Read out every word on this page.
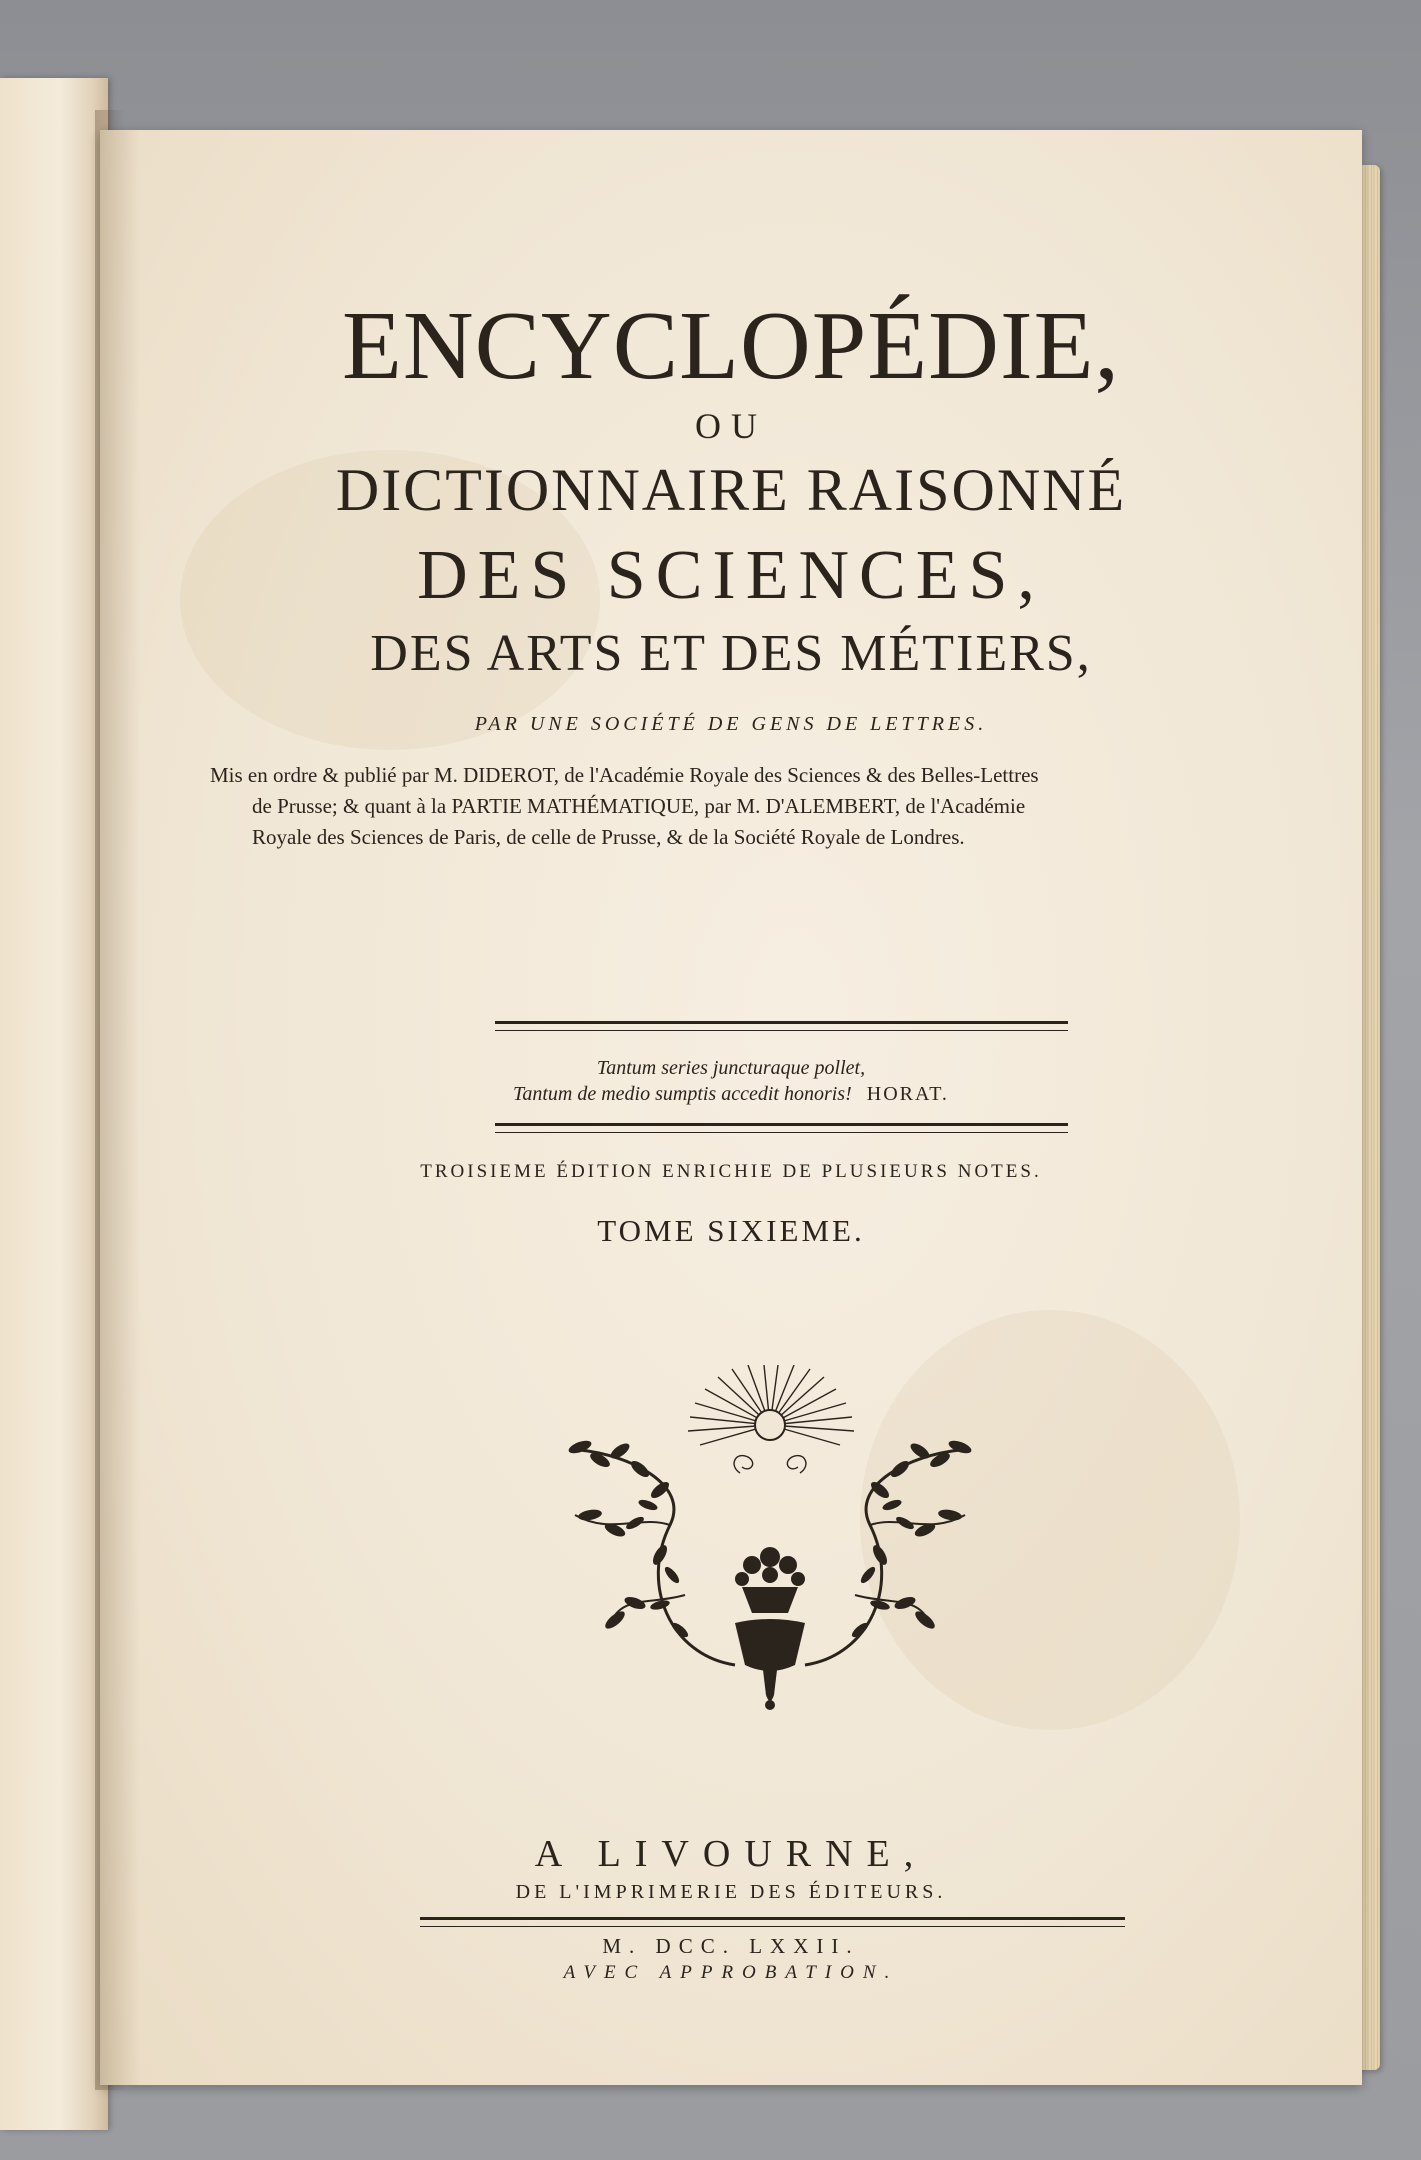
ENCYCLOPÉDIE,
OU
DICTIONNAIRE RAISONNÉ
DES SCIENCES,
DES ARTS ET DES MÉTIERS,
PAR UNE SOCIÉTÉ DE GENS DE LETTRES.
Mis en ordre & publié par M. DIDEROT, de l'Académie Royale des Sciences & des Belles-Lettres
de Prusse; & quant à la PARTIE MATHÉMATIQUE, par M. D'ALEMBERT, de l'Académie
Royale des Sciences de Paris, de celle de Prusse, & de la Société Royale de Londres.
Tantum series juncturaque pollet,
Tantum de medio sumptis accedit honoris! HORAT.
TROISIEME ÉDITION ENRICHIE DE PLUSIEURS NOTES.
TOME SIXIEME.
A LIVOURNE,
DE L'IMPRIMERIE DES ÉDITEURS.
M. DCC. LXXII.
AVEC APPROBATION.
